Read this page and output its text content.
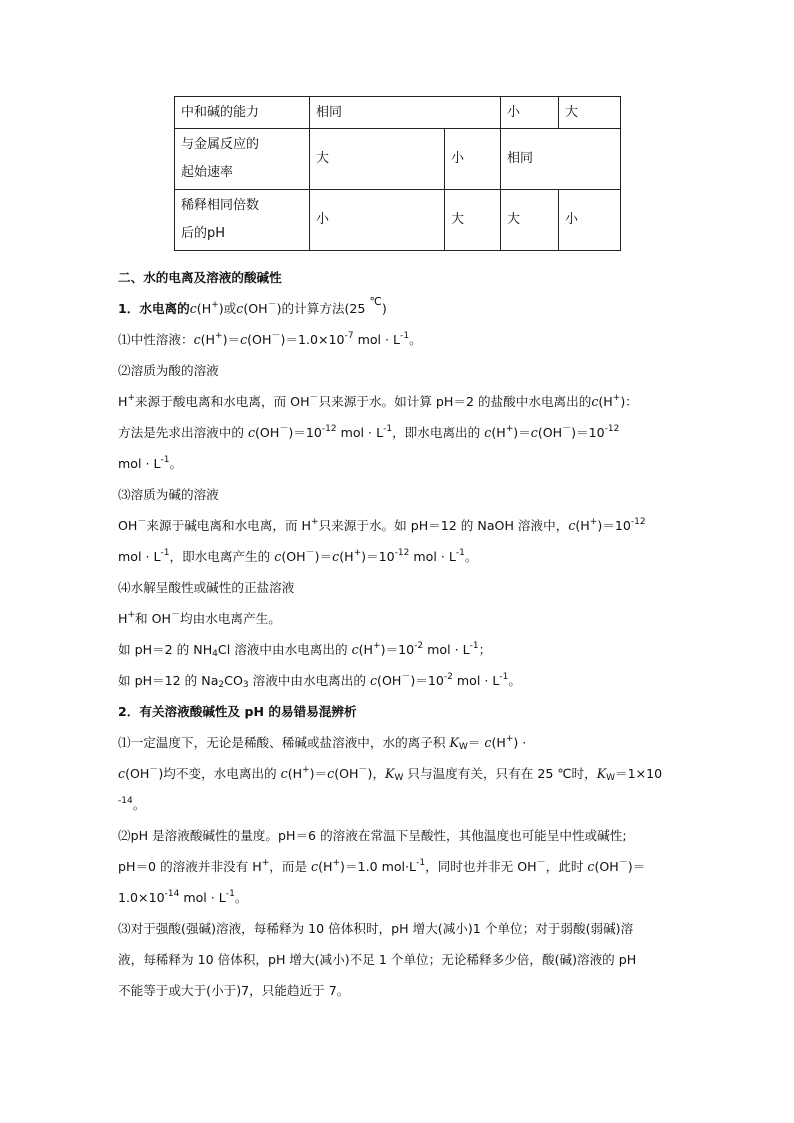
中和碱的能力	相同		小	大

与金属反应的
起始速率	大	小	相同	

稀释相同倍数
后的pH	小	大	大	小
二、水的电离及溶液的酸碱性
1．水电离的c(H+)或c(OH－)的计算方法(25 ℃)
⑴中性溶液：$c(H^+)=c(OH^-)=1.0\times 10^{-7}$ mol · $L^{-1}$。
⑵溶质为酸的溶液
H+来源于酸电离和水电离，而 OH－只来源于水。如计算 pH＝2 的盐酸中水电离出的c(H+)：
方法是先求出溶液中的 $c(OH^-)=10^{-12}$ mol · $L^{-1}$，即水电离出的 $c(H^+)=c(OH^-)=10^{-12}$
mol · $L^{-1}$。
⑶溶质为碱的溶液
OH－来源于碱电离和水电离，而 H+只来源于水。如 pH＝12 的 NaOH 溶液中，$c(H^+)=10^{-12}$
mol · $L^{-1}$，即水电离产生的 $c(OH^-)=c(H^+)=10^{-12}$ mol · $L^{-1}$。
⑷水解呈酸性或碱性的正盐溶液
H+和 OH－均由水电离产生。
如 pH＝2 的 $NH_4Cl$ 溶液中由水电离出的 $c(H^+)=10^{-2}$ mol · $L^{-1}$；
如 pH＝12 的 $Na_2CO_3$ 溶液中由水电离出的 $c(OH^-)=10^{-2}$ mol · $L^{-1}$。
2．有关溶液酸碱性及 pH 的易错易混辨析
⑴一定温度下，无论是稀酸、稀碱或盐溶液中，水的离子积 $K_W= c(H^+)$ ·
c(OH－)均不变，水电离出的 c(H+)＝c(OH－)，$K_W$ 只与温度有关，只有在 25 ℃时，$K_W=1\times 10$
$^{-14}$。
⑵pH 是溶液酸碱性的量度。pH＝6 的溶液在常温下呈酸性，其他温度也可能呈中性或碱性;
pH＝0 的溶液并非没有 H+，而是 c(H+)＝1.0 $mol\cdot L^{-1}$，同时也并非无 OH－，此时 c(OH－)＝
$1.0\times 10^{-14}$ mol · $L^{-1}$。
⑶对于强酸(强碱)溶液，每稀释为 10 倍体积时，pH 增大(减小)1 个单位；对于弱酸(弱碱)溶
液，每稀释为 10 倍体积，pH 增大(减小)不足 1 个单位；无论稀释多少倍，酸(碱)溶液的 pH
不能等于或大于(小于)7，只能趋近于 7。
